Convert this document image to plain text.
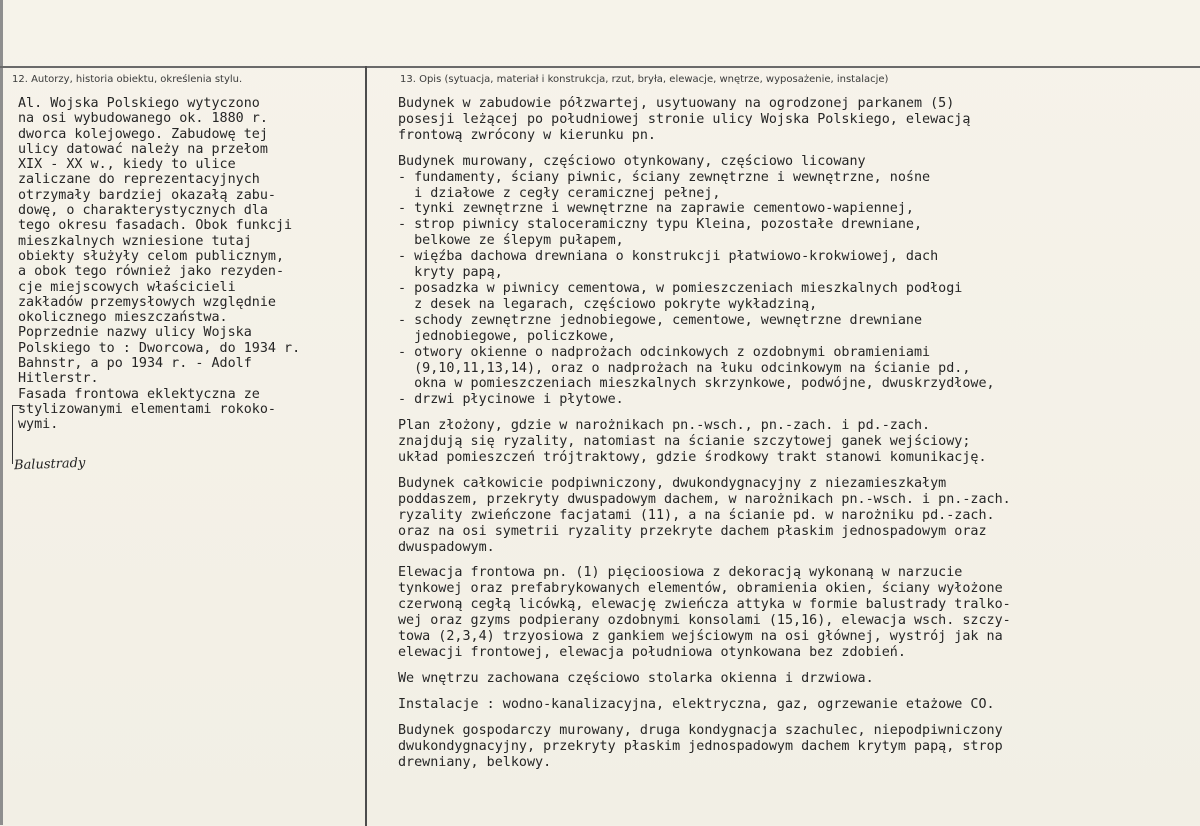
12. Autorzy, historia obiektu, określenia stylu.	13. Opis (sytuacja, materiał i konstrukcja, rzut, bryła, elewacje, wnętrze, wyposażenie, instalacje)
Al. Wojska Polskiego wytyczono
na osi wybudowanego ok. 1880 r.
dworca kolejowego. Zabudowę tej
ulicy datować należy na przełom
XIX - XX w., kiedy to ulice
zaliczane do reprezentacyjnych
otrzymały bardziej okazałą zabu-
dowę, o charakterystycznych dla
tego okresu fasadach. Obok funkcji
mieszkalnych wzniesione tutaj
obiekty służyły celom publicznym,
a obok tego również jako rezyden-
cje miejscowych właścicieli
zakładów przemysłowych względnie
okolicznego mieszczaństwa.
Poprzednie nazwy ulicy Wojska
Polskiego to : Dworcowa, do 1934 r.
Bahnstr, a po 1934 r. - Adolf
Hitlerstr.
Fasada frontowa eklektyczna ze
stylizowanymi elementami rokoko-
wymi.
Balustrady
Budynek w zabudowie półzwartej, usytuowany na ogrodzonej parkanem (5)
posesji leżącej po południowej stronie ulicy Wojska Polskiego, elewacją
frontową zwrócony w kierunku pn.
Budynek murowany, częściowo otynkowany, częściowo licowany
- fundamenty, ściany piwnic, ściany zewnętrzne i wewnętrzne, nośne
i działowe z cegły ceramicznej pełnej,
- tynki zewnętrzne i wewnętrzne na zaprawie cementowo-wapiennej,
- strop piwnicy staloceramiczny typu Kleina, pozostałe drewniane,
belkowe ze ślepym pułapem,
- więźba dachowa drewniana o konstrukcji płatwiowo-krokwiowej, dach
kryty papą,
- posadzka w piwnicy cementowa, w pomieszczeniach mieszkalnych podłogi
z desek na legarach, częściowo pokryte wykładziną,
- schody zewnętrzne jednobiegowe, cementowe, wewnętrzne drewniane
jednobiegowe, policzkowe,
- otwory okienne o nadprożach odcinkowych z ozdobnymi obramieniami
(9,10,11,13,14), oraz o nadprożach na łuku odcinkowym na ścianie pd.,
okna w pomieszczeniach mieszkalnych skrzynkowe, podwójne, dwuskrzydłowe,
- drzwi płycinowe i płytowe.
Plan złożony, gdzie w narożnikach pn.-wsch., pn.-zach. i pd.-zach.
znajdują się ryzality, natomiast na ścianie szczytowej ganek wejściowy;
układ pomieszczeń trójtraktowy, gdzie środkowy trakt stanowi komunikację.
Budynek całkowicie podpiwniczony, dwukondygnacyjny z niezamieszkałym
poddaszem, przekryty dwuspadowym dachem, w narożnikach pn.-wsch. i pn.-zach.
ryzality zwieńczone facjatami (11), a na ścianie pd. w narożniku pd.-zach.
oraz na osi symetrii ryzality przekryte dachem płaskim jednospadowym oraz
dwuspadowym.
Elewacja frontowa pn. (1) pięcioosiowa z dekoracją wykonaną w narzucie
tynkowej oraz prefabrykowanych elementów, obramienia okien, ściany wyłożone
czerwoną cegłą licówką, elewację zwieńcza attyka w formie balustrady tralko-
wej oraz gzyms podpierany ozdobnymi konsolami (15,16), elewacja wsch. szczy-
towa (2,3,4) trzyosiowa z gankiem wejściowym na osi głównej, wystrój jak na
elewacji frontowej, elewacja południowa otynkowana bez zdobień.
We wnętrzu zachowana częściowo stolarka okienna i drzwiowa.
Instalacje : wodno-kanalizacyjna, elektryczna, gaz, ogrzewanie etażowe CO.
Budynek gospodarczy murowany, druga kondygnacja szachulec, niepodpiwniczony
dwukondygnacyjny, przekryty płaskim jednospadowym dachem krytym papą, strop
drewniany, belkowy.
